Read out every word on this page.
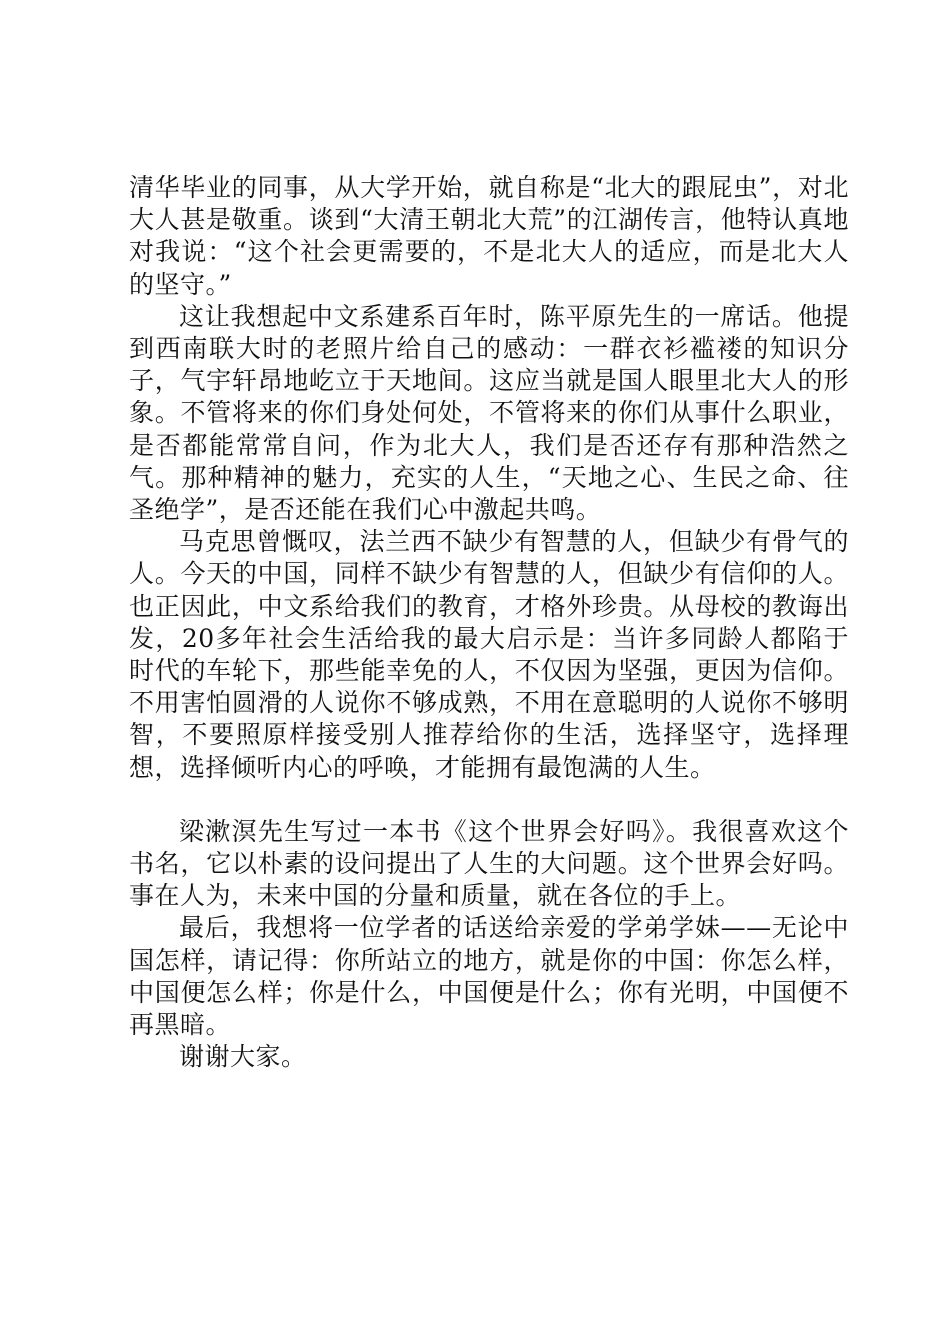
清华毕业的同事，从大学开始，就自称是“北大的跟屁虫”，对北大人甚是敬重。谈到“大清王朝北大荒”的江湖传言，他特认真地对我说：“这个社会更需要的，不是北大人的适应，而是北大人的坚守。”

这让我想起中文系建系百年时，陈平原先生的一席话。他提到西南联大时的老照片给自己的感动：一群衣衫褴褛的知识分子，气宇轩昂地屹立于天地间。这应当就是国人眼里北大人的形象。不管将来的你们身处何处，不管将来的你们从事什么职业，是否都能常常自问，作为北大人，我们是否还存有那种浩然之气。那种精神的魅力，充实的人生，“天地之心、生民之命、往圣绝学”，是否还能在我们心中激起共鸣。

马克思曾慨叹，法兰西不缺少有智慧的人，但缺少有骨气的人。今天的中国，同样不缺少有智慧的人，但缺少有信仰的人。也正因此，中文系给我们的教育，才格外珍贵。从母校的教诲出发，20多年社会生活给我的最大启示是：当许多同龄人都陷于时代的车轮下，那些能幸免的人，不仅因为坚强，更因为信仰。不用害怕圆滑的人说你不够成熟，不用在意聪明的人说你不够明智，不要照原样接受别人推荐给你的生活，选择坚守，选择理想，选择倾听内心的呼唤，才能拥有最饱满的人生。

梁漱溟先生写过一本书《这个世界会好吗》。我很喜欢这个书名，它以朴素的设问提出了人生的大问题。这个世界会好吗。事在人为，未来中国的分量和质量，就在各位的手上。

最后，我想将一位学者的话送给亲爱的学弟学妹——无论中国怎样，请记得：你所站立的地方，就是你的中国：你怎么样，中国便怎么样；你是什么，中国便是什么；你有光明，中国便不再黑暗。

谢谢大家。
